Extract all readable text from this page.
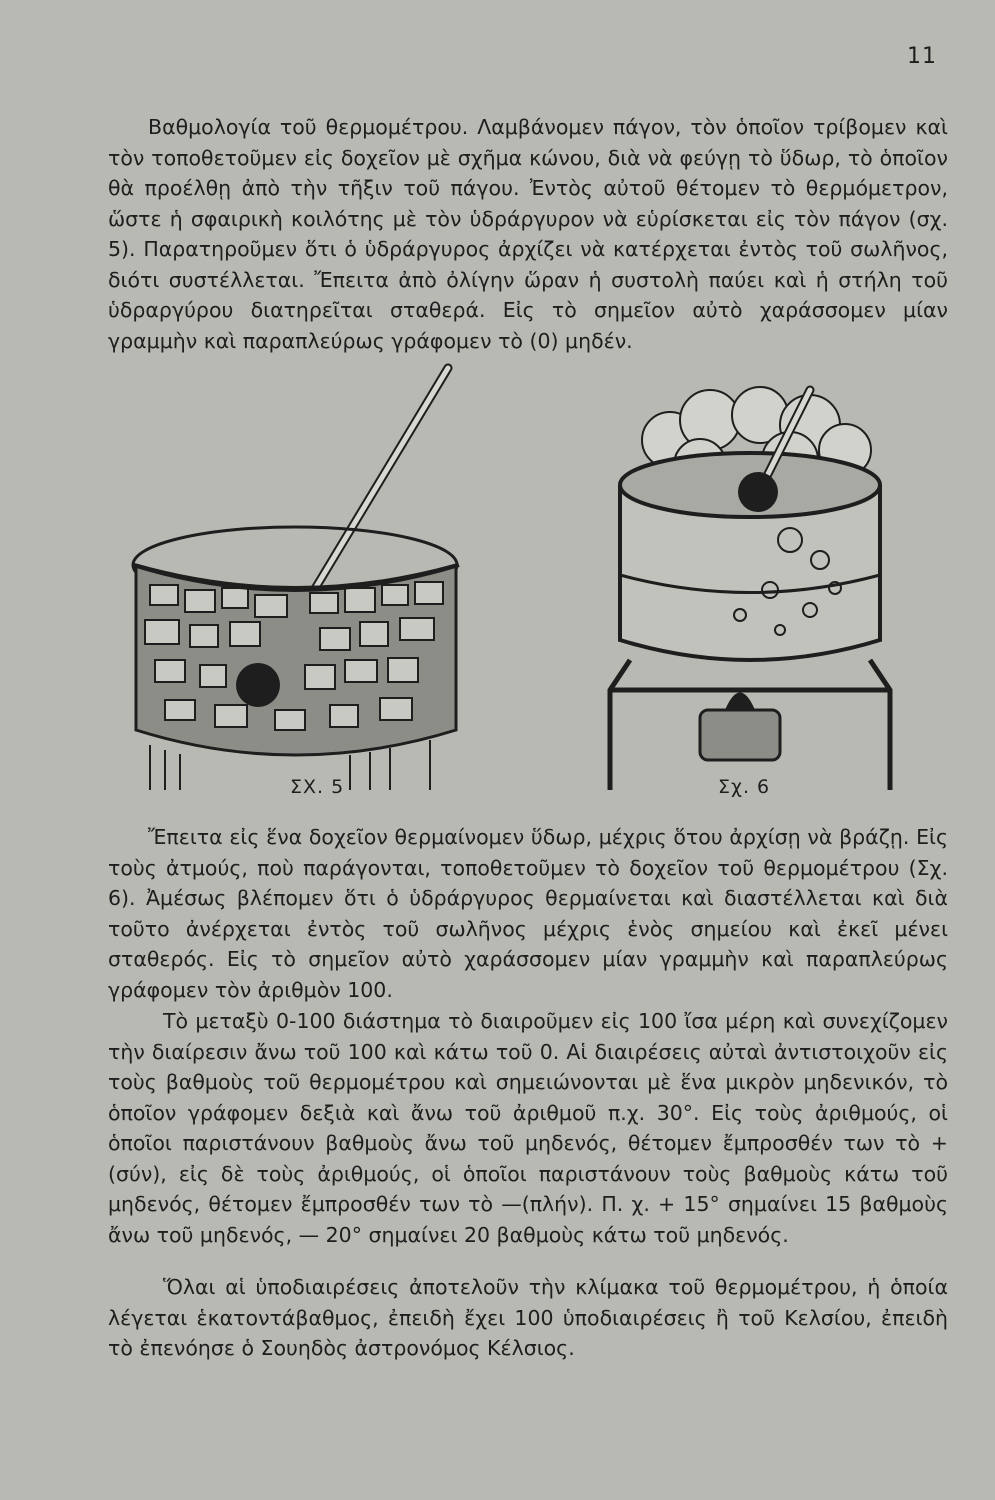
11

Βαθμολογία τοῦ θερμομέτρου. Λαμβάνομεν πάγον, τὸν ὁποῖον τρίβομεν καὶ τὸν τοποθετοῦμεν εἰς δοχεῖον μὲ σχῆμα κώνου, διὰ νὰ φεύγῃ τὸ ὕδωρ, τὸ ὁποῖον θὰ προέλθῃ ἀπὸ τὴν τῆξιν τοῦ πάγου. Ἐντὸς αὐτοῦ θέτομεν τὸ θερμόμετρον, ὥστε ἡ σφαιρικὴ κοιλότης μὲ τὸν ὑδράργυρον νὰ εὑρίσκεται εἰς τὸν πάγον (σχ. 5). Παρατηροῦμεν ὅτι ὁ ὑδράργυρος ἀρχίζει νὰ κατέρχεται ἐντὸς τοῦ σωλῆνος, διότι συστέλλεται. Ἔπειτα ἀπὸ ὀλίγην ὥραν ἡ συστολὴ παύει καὶ ἡ στήλη τοῦ ὑδραργύρου διατηρεῖται σταθερά. Εἰς τὸ σημεῖον αὐτὸ χαράσσομεν μίαν γραμμὴν καὶ παραπλεύρως γράφομεν τὸ (0) μηδέν.

ΣΧ. 5	Σχ. 6

Ἔπειτα εἰς ἕνα δοχεῖον θερμαίνομεν ὕδωρ, μέχρις ὅτου ἀρχίσῃ νὰ βράζῃ. Εἰς τοὺς ἀτμούς, ποὺ παράγονται, τοποθετοῦμεν τὸ δοχεῖον τοῦ θερμομέτρου (Σχ. 6). Ἀμέσως βλέπομεν ὅτι ὁ ὑδράργυρος θερμαίνεται καὶ διαστέλλεται καὶ διὰ τοῦτο ἀνέρχεται ἐντὸς τοῦ σωλῆνος μέχρις ἑνὸς σημείου καὶ ἐκεῖ μένει σταθερός. Εἰς τὸ σημεῖον αὐτὸ χαράσσομεν μίαν γραμμὴν καὶ παραπλεύρως γράφομεν τὸν ἀριθμὸν 100.

Τὸ μεταξὺ 0-100 διάστημα τὸ διαιροῦμεν εἰς 100 ἴσα μέρη καὶ συνεχίζομεν τὴν διαίρεσιν ἄνω τοῦ 100 καὶ κάτω τοῦ 0. Αἱ διαιρέσεις αὐταὶ ἀντιστοιχοῦν εἰς τοὺς βαθμοὺς τοῦ θερμομέτρου καὶ σημειώνονται μὲ ἕνα μικρὸν μηδενικόν, τὸ ὁποῖον γράφομεν δεξιὰ καὶ ἄνω τοῦ ἀριθμοῦ π.χ. 30°. Εἰς τοὺς ἀριθμούς, οἱ ὁποῖοι παριστάνουν βαθμοὺς ἄνω τοῦ μηδενός, θέτομεν ἔμπροσθέν των τὸ +(σύν), εἰς δὲ τοὺς ἀριθμούς, οἱ ὁποῖοι παριστάνουν τοὺς βαθμοὺς κάτω τοῦ μηδενός, θέτομεν ἔμπροσθέν των τὸ —(πλήν). Π. χ. + 15° σημαίνει 15 βαθμοὺς ἄνω τοῦ μηδενός, — 20° σημαίνει 20 βαθμοὺς κάτω τοῦ μηδενός.

Ὅλαι αἱ ὑποδιαιρέσεις ἀποτελοῦν τὴν κλίμακα τοῦ θερμομέτρου, ἡ ὁποία λέγεται ἑκατοντάβαθμος, ἐπειδὴ ἔχει 100 ὑποδιαιρέσεις ἢ τοῦ Κελσίου, ἐπειδὴ τὸ ἐπενόησε ὁ Σουηδὸς ἀστρονόμος Κέλσιος.
